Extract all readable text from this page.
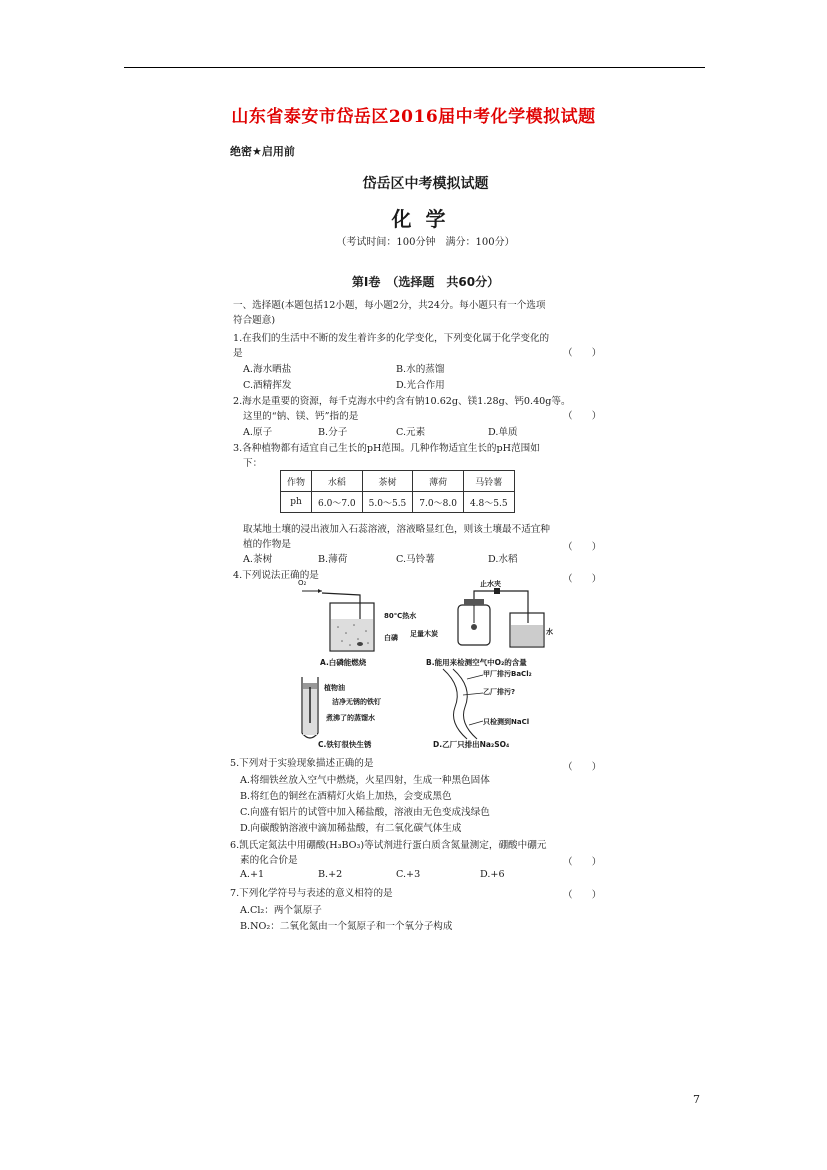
山东省泰安市岱岳区2016届中考化学模拟试题
绝密★启用前
岱岳区中考模拟试题
化学
（考试时间：100分钟　满分：100分）
第Ⅰ卷　（选择题　共60分）
一、选择题(本题包括12小题，每小题2分，共24分。每小题只有一个选项
符合题意)
1.在我们的生活中不断的发生着许多的化学变化，下列变化属于化学变化的
是	（　　）
A.海水晒盐	B.水的蒸馏
C.酒精挥发	D.光合作用
2.海水是重要的资源，每千克海水中约含有钠10.62g、镁1.28g、钙0.40g等。
这里的“钠、镁、钙”指的是	（　　）
A.原子	B.分子	C.元素	D.单质
3.各种植物都有适宜自己生长的pH范围。几种作物适宜生长的pH范围如
下：
作物	水稻	茶树	薄荷	马铃薯
ph	6.0～7.0	5.0～5.5	7.0～8.0	4.8～5.5
取某地土壤的浸出液加入石蕊溶液，溶液略显红色，则该土壤最不适宜种
植的作物是	（　　）
A.茶树	B.薄荷	C.马铃薯	D.水稻
4.下列说法正确的是	（　　）
O₂
80℃热水
白磷
A.白磷能燃烧
止水夹
足量木炭	水
B.能用来检测空气中O₂的含量
植物油
洁净无锈的铁钉
煮沸了的蒸馏水
C.铁钉很快生锈
甲厂排污BaCl₂
乙厂排污?
只检测到NaCl
D.乙厂只排出Na₂SO₄
5.下列对于实验现象描述正确的是	（　　）
A.将细铁丝放入空气中燃烧，火星四射，生成一种黑色固体
B.将红色的铜丝在酒精灯火焰上加热，会变成黑色
C.向盛有铝片的试管中加入稀盐酸，溶液由无色变成浅绿色
D.向碳酸钠溶液中滴加稀盐酸，有二氧化碳气体生成
6.凯氏定氮法中用硼酸(H₃BO₃)等试剂进行蛋白质含氮量测定，硼酸中硼元
素的化合价是	（　　）
A.+1	B.+2	C.+3	D.+6
7.下列化学符号与表述的意义相符的是	（　　）
A.Cl₂：两个氯原子
B.NO₂：二氧化氮由一个氮原子和一个氧分子构成
7
